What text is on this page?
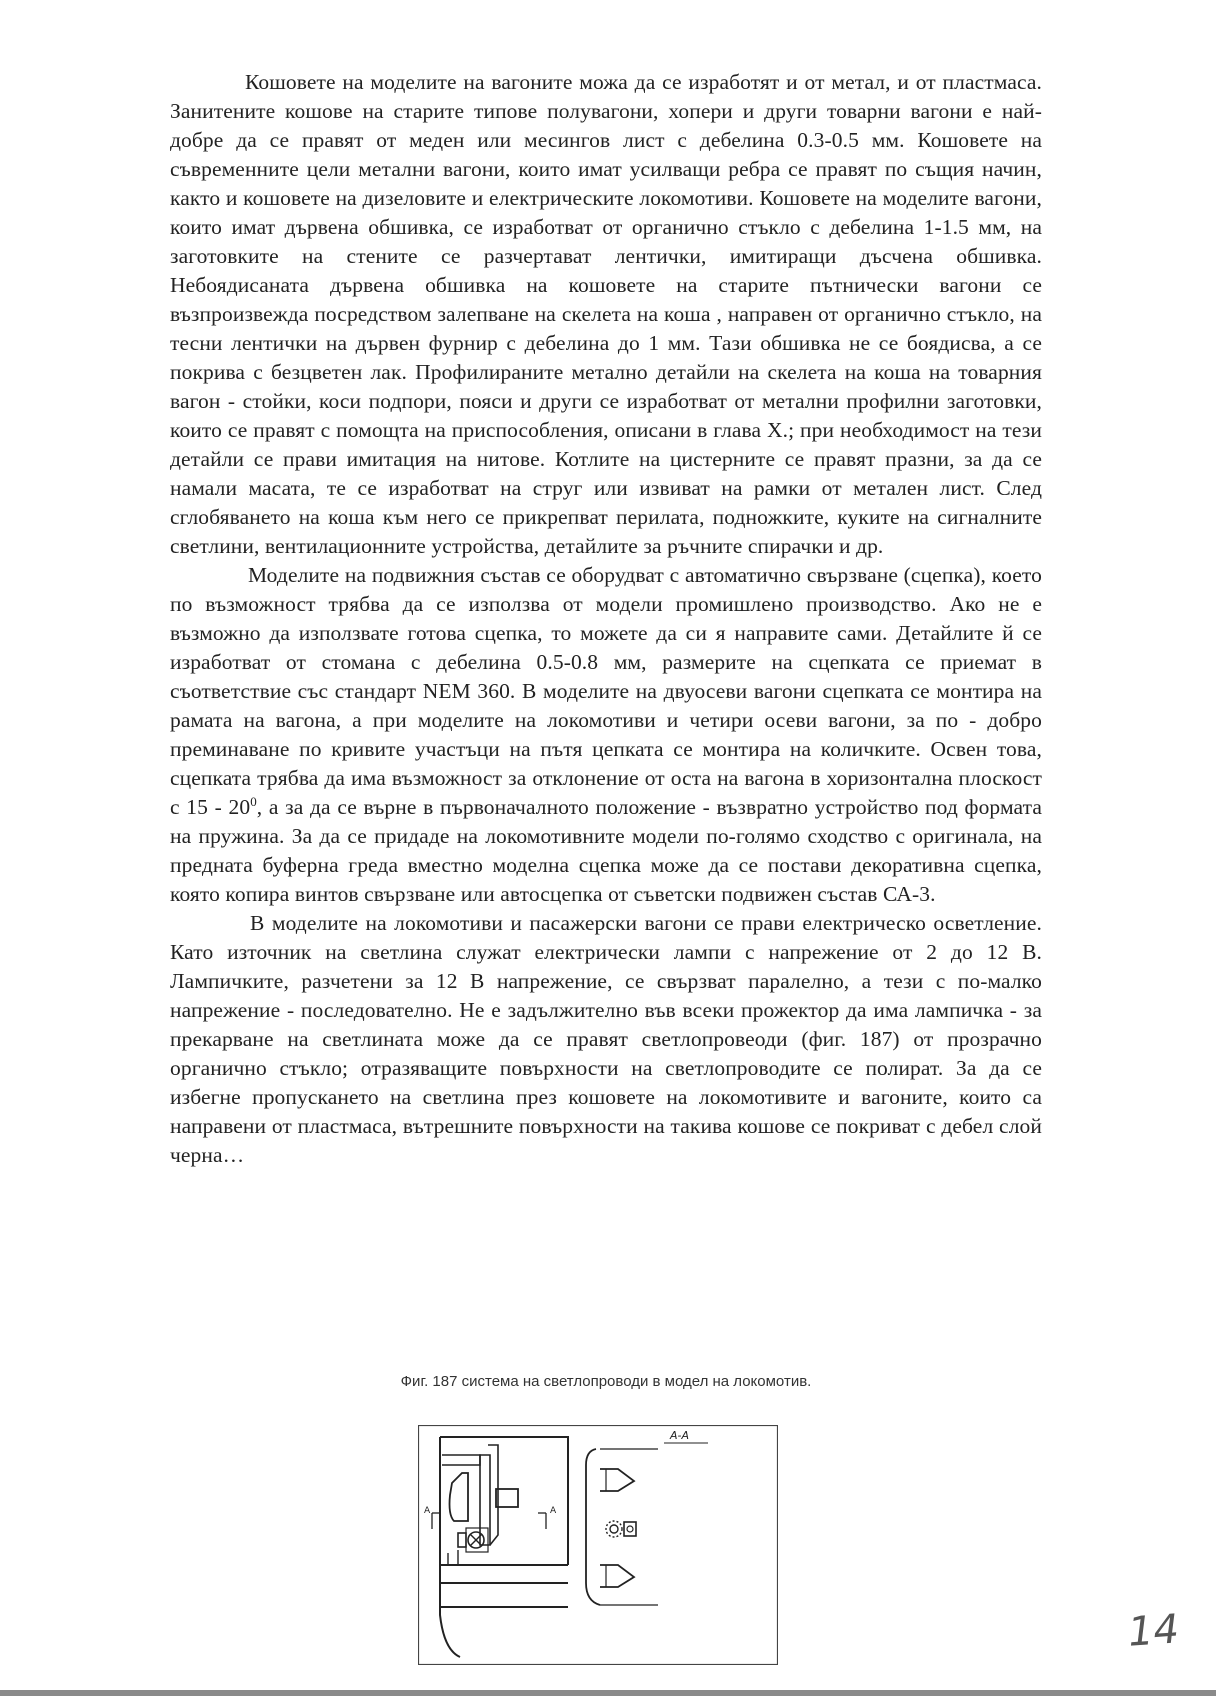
Кошовете на моделите на вагоните можа да се изработят и от метал, и от пластмаса. Занитените кошове на старите типове полувагони, хопери и други товарни вагони е най-добре да се правят от меден или месингов лист с дебелина 0.3-0.5 мм. Кошовете на съвременните цели метални вагони, които имат усилващи ребра се правят по същия начин, както и кошовете на дизеловите и електрическите локомотиви. Кошовете на моделите вагони, които имат дървена обшивка, се изработват от органично стъкло с дебелина 1-1.5 мм, на заготовките на стените се разчертават лентички, имитиращи дъсчена обшивка. Небоядисаната дървена обшивка на кошовете на старите пътнически вагони се възпроизвежда посредством залепване на скелета на коша , направен от органично стъкло, на тесни лентички на дървен фурнир с дебелина до 1 мм. Тази обшивка не се боядисва, а се покрива с безцветен лак. Профилираните метално детайли на скелета на коша на товарния вагон - стойки, коси подпори, пояси и други се изработват от метални профилни заготовки, които се правят с помощта на приспособления, описани в глава X.; при необходимост на тези детайли се прави имитация на нитове. Котлите на цистерните се правят празни, за да се намали масата, те се изработват на струг или извиват на рамки от метален лист. След сглобяването на коша към него се прикрепват перилата, подножките, куките на сигналните светлини, вентилационните устройства, детайлите за ръчните спирачки и др.

Моделите на подвижния състав се оборудват с автоматично свързване (сцепка), което по възможност трябва да се използва от модели промишлено производство. Ако не е възможно да използвате готова сцепка, то можете да си я направите сами. Детайлите й се изработват от стомана с дебелина 0.5-0.8 мм, размерите на сцепката се приемат в съответствие със стандарт NEM 360. В моделите на двуосеви вагони сцепката се монтира на рамата на вагона, а при моделите на локомотиви и четири осеви вагони, за по - добро преминаване по кривите участъци на пътя цепката се монтира на количките. Освен това, сцепката трябва да има възможност за отклонение от оста на вагона в хоризонтална плоскост с $15 - 20^0$, а за да се върне в първоначалното положение - възвратно устройство под формата на пружина. За да се придаде на локомотивните модели по-голямо сходство с оригинала, на предната буферна греда вместно моделна сцепка може да се постави декоративна сцепка, която копира винтов свързване или автосцепка от съветски подвижен състав СА-3.

В моделите на локомотиви и пасажерски вагони се прави електрическо осветление. Като източник на светлина служат електрически лампи с напрежение от 2 до 12 В. Лампичките, разчетени за 12 В напрежение, се свързват паралелно, а тези с по-малко напрежение - последователно. Не е задължително във всеки прожектор да има лампичка - за прекарване на светлината може да се правят светлопровеоди (фиг. 187) от прозрачно органично стъкло; отразяващите повърхности на светлопроводите се полират. За да се избегне пропускането на светлина през кошовете на локомотивите и вагоните, които са направени от пластмаса, вътрешните повърхности на такива кошове се покриват с дебел слой черна…

Фиг. 187 система на светлопроводи в модел на локомотив.
А	А
А-А
14
